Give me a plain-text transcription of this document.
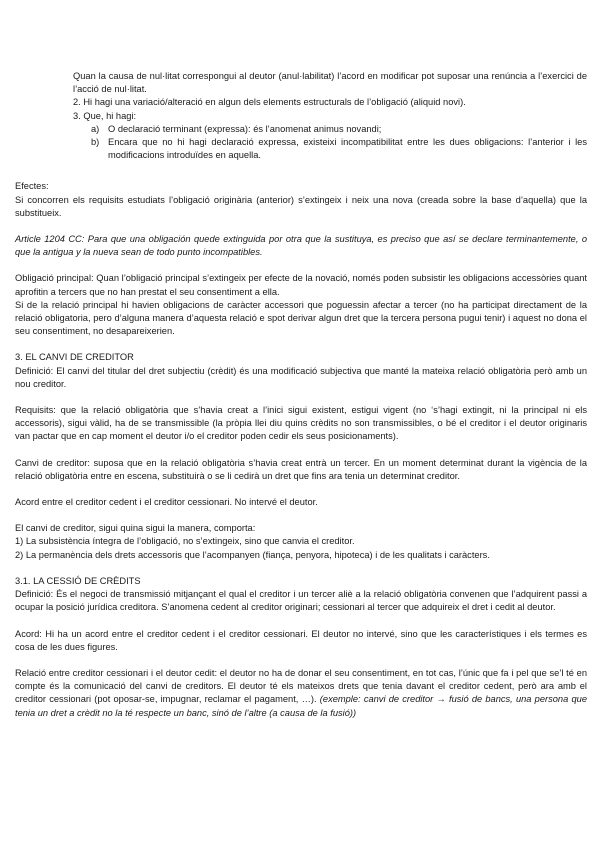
Quan la causa de nul·litat correspongui al deutor (anul·labilitat) l’acord en modificar pot suposar una renúncia a l’exercici de l’acció de nul·litat.

2. Hi hagi una variació/alteració en algun dels elements estructurals de l’obligació (aliquid novi).

3. Que, hi hagi:

a) O declaració terminant (expressa): és l’anomenat animus novandi;
b) Encara que no hi hagi declaració expressa, existeixi incompatibilitat entre les dues obligacions: l’anterior i les modificacions introduïdes en aquella.

Efectes:

Si concorren els requisits estudiats l’obligació originària (anterior) s’extingeix i neix una nova (creada sobre la base d’aquella) que la substitueix.

Article 1204 CC: Para que una obligación quede extinguida por otra que la sustituya, es preciso que así se declare terminantemente, o que la antigua y la nueva sean de todo punto incompatibles.

Obligació principal: Quan l’obligació principal s’extingeix per efecte de la novació, només poden subsistir les obligacions accessòries quant aprofitin a tercers que no han prestat el seu consentiment a ella.

Si de la relació principal hi havien obligacions de caràcter accessori que poguessin afectar a tercer (no ha participat directament de la relació obligatoria, pero d’alguna manera d’aquesta relació e spot derivar algun dret que la tercera persona pugui tenir) i aquest no dona el seu consentiment, no desapareixerien.

3. EL CANVI DE CREDITOR

Definició: El canvi del titular del dret subjectiu (crèdit) és una modificació subjectiva que manté la mateixa relació obligatòria però amb un nou creditor.

Requisits: que la relació obligatòria que s’havia creat a l’inici sigui existent, estigui vigent (no ‘s’hagi extingit, ni la principal ni els accessoris), sigui vàlid, ha de se transmissible (la pròpia llei diu quins crèdits no son transmissibles, o bé el creditor i el deutor originaris van pactar que en cap moment el deutor i/o el creditor poden cedir els seus posicionaments).

Canvi de creditor: suposa que en la relació obligatòria s’havia creat entrà un tercer. En un moment determinat durant la vigència de la relació obligatòria entre en escena, substituirà o se li cedirà un dret que fins ara tenia un determinat creditor.

Acord entre el creditor cedent i el creditor cessionari. No intervé el deutor.

El canvi de creditor, sigui quina sigui la manera, comporta:

1) La subsistència íntegra de l’obligació, no s’extingeix, sino que canvia el creditor.

2) La permanència dels drets accessoris que l’acompanyen (fiança, penyora, hipoteca) i de les qualitats i caràcters.

3.1. LA CESSIÓ DE CRÈDITS

Definició: És el negoci de transmissió mitjançant el qual el creditor i un tercer aliè a la relació obligatòria convenen que l’adquirent passi a ocupar la posició jurídica creditora. S’anomena cedent al creditor originari; cessionari al tercer que adquireix el dret i cedit al deutor.

Acord: Hi ha un acord entre el creditor cedent i el creditor cessionari. El deutor no intervé, sino que les característiques i els termes es cosa de les dues figures.

Relació entre creditor cessionari i el deutor cedit: el deutor no ha de donar el seu consentiment, en tot cas, l’únic que fa i pel que se’l té en compte és la comunicació del canvi de creditors. El deutor té els mateixos drets que tenia davant el creditor cedent, però ara amb el creditor cessionari (pot oposar-se, impugnar, reclamar el pagament, …). (exemple: canvi de creditor → fusió de bancs, una persona que tenia un dret a crèdit no la té respecte un banc, sinó de l’altre (a causa de la fusió))
